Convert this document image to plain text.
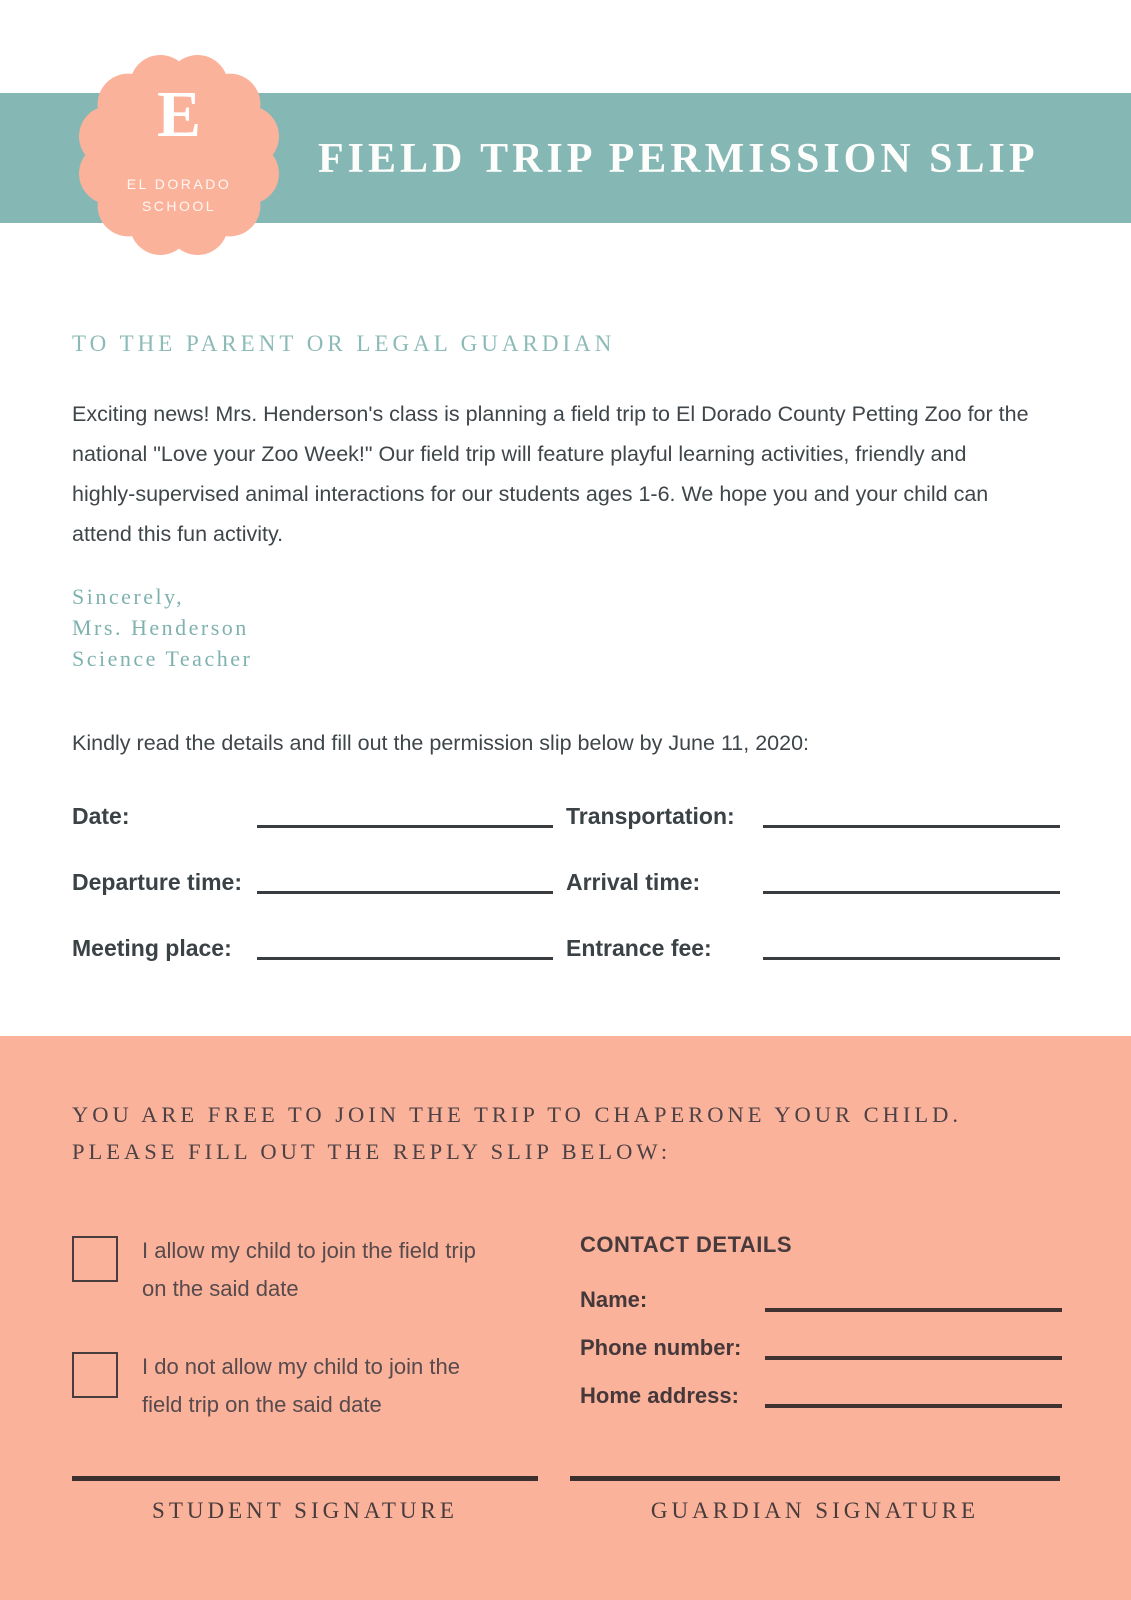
FIELD TRIP PERMISSION SLIP
E
EL DORADO
SCHOOL
TO THE PARENT OR LEGAL GUARDIAN

Exciting news! Mrs. Henderson's class is planning a field trip to El Dorado County Petting Zoo for the national "Love your Zoo Week!" Our field trip will feature playful learning activities, friendly and highly-supervised animal interactions for our students ages 1-6. We hope you and your child can attend this fun activity.

Sincerely,
Mrs. Henderson
Science Teacher

Kindly read the details and fill out the permission slip below by June 11, 2020:

Date:	Transportation:
Departure time:	Arrival time:
Meeting place:	Entrance fee:
YOU ARE FREE TO JOIN THE TRIP TO CHAPERONE YOUR CHILD. PLEASE FILL OUT THE REPLY SLIP BELOW:
I allow my child to join the field trip on the said date
I do not allow my child to join the field trip on the said date
CONTACT DETAILS
Name:
Phone number:
Home address:
STUDENT SIGNATURE	GUARDIAN SIGNATURE
